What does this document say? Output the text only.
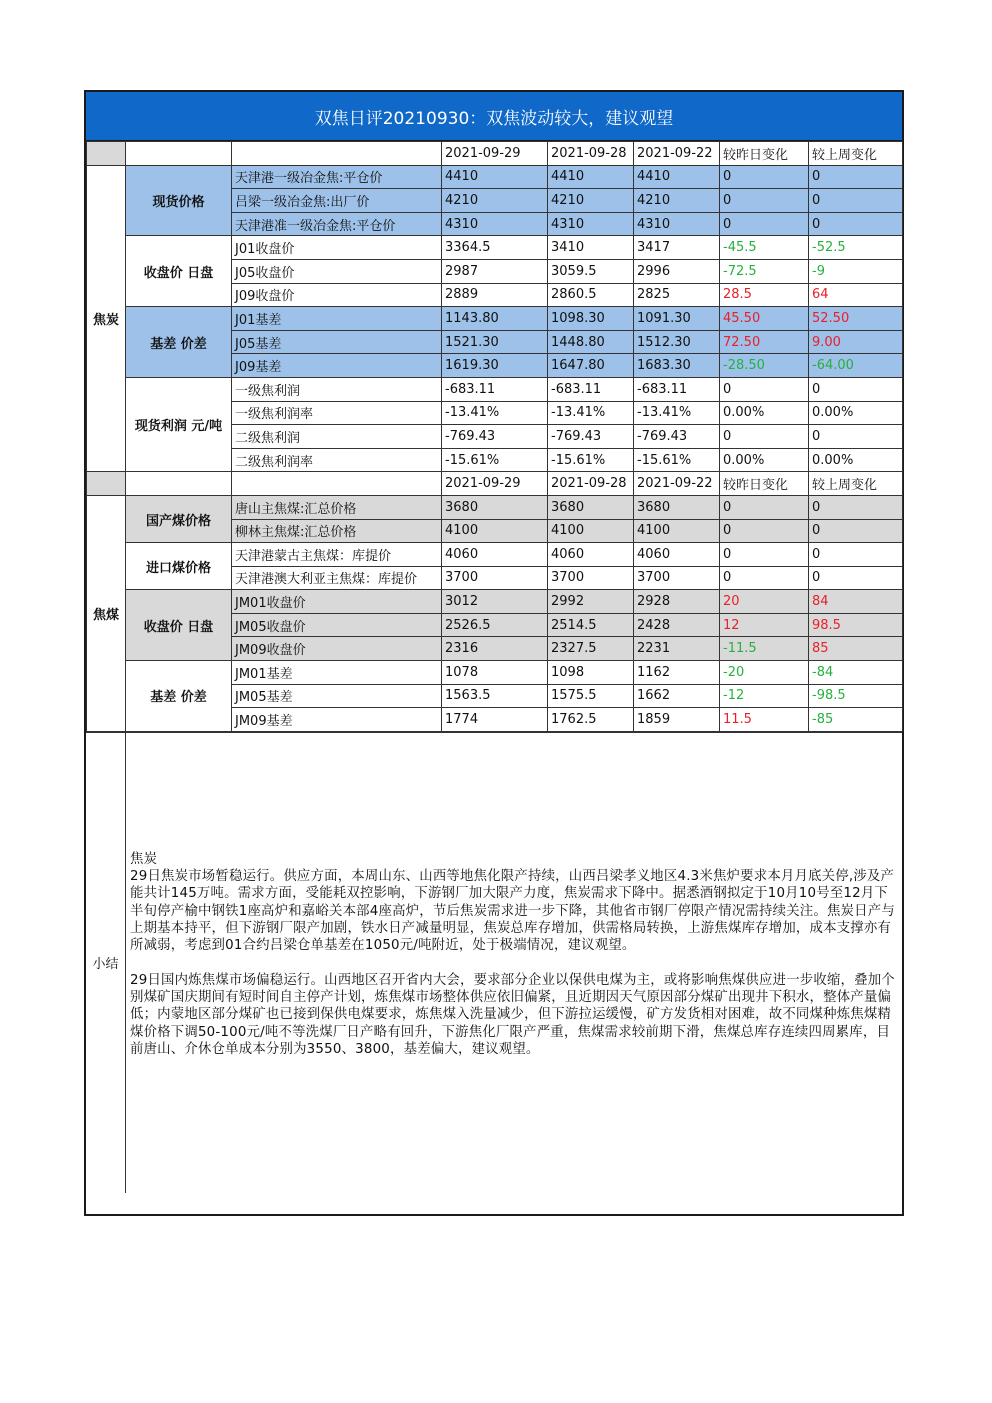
双焦日评20210930：双焦波动较大，建议观望
			2021-09-29	2021-09-28	2021-09-22	较昨日变化	较上周变化
焦炭	现货价格	天津港一级冶金焦:平仓价	4410	4410	4410	0	0
		吕梁一级冶金焦:出厂价	4210	4210	4210	0	0
		天津港准一级冶金焦:平仓价	4310	4310	4310	0	0
	收盘价 日盘	J01收盘价	3364.5	3410	3417	-45.5	-52.5
		J05收盘价	2987	3059.5	2996	-72.5	-9
		J09收盘价	2889	2860.5	2825	28.5	64
	基差 价差	J01基差	1143.80	1098.30	1091.30	45.50	52.50
		J05基差	1521.30	1448.80	1512.30	72.50	9.00
		J09基差	1619.30	1647.80	1683.30	-28.50	-64.00
	现货利润 元/吨	一级焦利润	-683.11	-683.11	-683.11	0	0
		一级焦利润率	-13.41%	-13.41%	-13.41%	0.00%	0.00%
		二级焦利润	-769.43	-769.43	-769.43	0	0
		二级焦利润率	-15.61%	-15.61%	-15.61%	0.00%	0.00%
			2021-09-29	2021-09-28	2021-09-22	较昨日变化	较上周变化
焦煤	国产煤价格	唐山主焦煤:汇总价格	3680	3680	3680	0	0
		柳林主焦煤:汇总价格	4100	4100	4100	0	0
	进口煤价格	天津港蒙古主焦煤：库提价	4060	4060	4060	0	0
		天津港澳大利亚主焦煤：库提价	3700	3700	3700	0	0
	收盘价 日盘	JM01收盘价	3012	2992	2928	20	84
		JM05收盘价	2526.5	2514.5	2428	12	98.5
		JM09收盘价	2316	2327.5	2231	-11.5	85
	基差 价差	JM01基差	1078	1098	1162	-20	-84
		JM05基差	1563.5	1575.5	1662	-12	-98.5
		JM09基差	1774	1762.5	1859	11.5	-85
小结

焦炭

29日焦炭市场暂稳运行。供应方面，本周山东、山西等地焦化限产持续，山西吕梁孝义地区4.3米焦炉要求本月月底关停,涉及产能共计145万吨。需求方面，受能耗双控影响，下游钢厂加大限产力度，焦炭需求下降中。据悉酒钢拟定于10月10号至12月下半旬停产榆中钢铁1座高炉和嘉峪关本部4座高炉，节后焦炭需求进一步下降，其他省市钢厂停限产情况需持续关注。焦炭日产与上期基本持平，但下游钢厂限产加剧，铁水日产减量明显，焦炭总库存增加，供需格局转换，上游焦煤库存增加，成本支撑亦有所减弱，考虑到01合约吕梁仓单基差在1050元/吨附近，处于极端情况，建议观望。

29日国内炼焦煤市场偏稳运行。山西地区召开省内大会，要求部分企业以保供电煤为主，或将影响焦煤供应进一步收缩，叠加个别煤矿国庆期间有短时间自主停产计划，炼焦煤市场整体供应依旧偏紧，且近期因天气原因部分煤矿出现井下积水，整体产量偏低；内蒙地区部分煤矿也已接到保供电煤要求，炼焦煤入洗量减少，但下游拉运缓慢，矿方发货相对困难，故不同煤种炼焦煤精煤价格下调50-100元/吨不等洗煤厂日产略有回升，下游焦化厂限产严重，焦煤需求较前期下滑，焦煤总库存连续四周累库，目前唐山、介休仓单成本分别为3550、3800，基差偏大，建议观望。
